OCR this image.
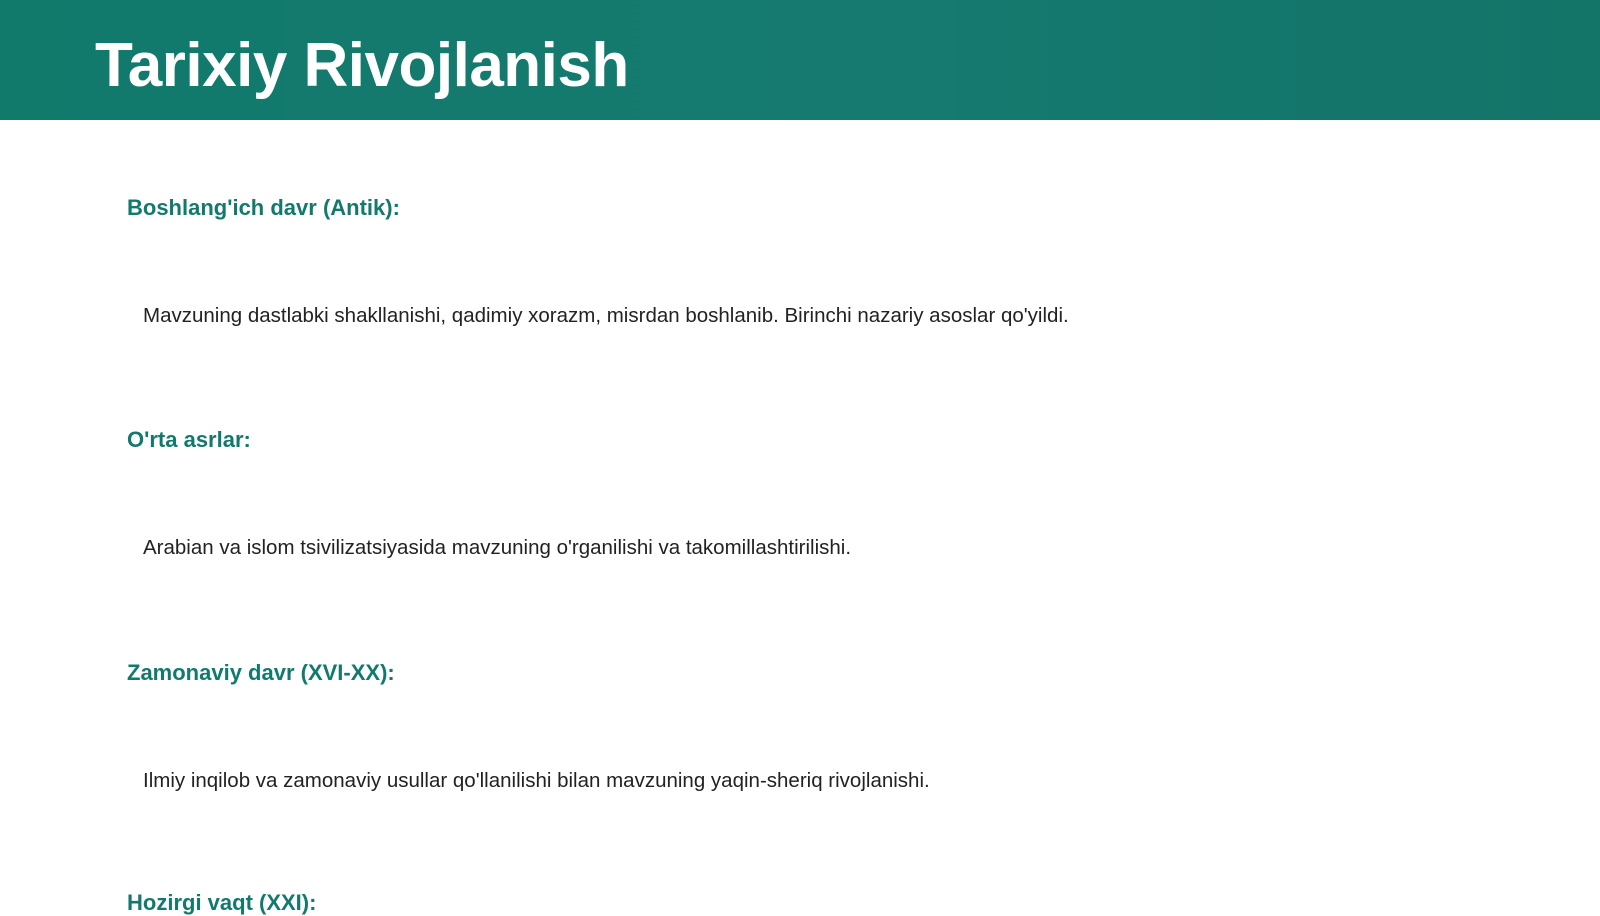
Tarixiy Rivojlanish
Boshlang'ich davr (Antik):

Mavzuning dastlabki shakllanishi, qadimiy xorazm, misrdan boshlanib. Birinchi nazariy asoslar qo'yildi.

O'rta asrlar:

Arabian va islom tsivilizatsiyasida mavzuning o'rganilishi va takomillashtirilishi.

Zamonaviy davr (XVI-XX):

Ilmiy inqilob va zamonaviy usullar qo'llanilishi bilan mavzuning yaqin-sheriq rivojlanishi.

Hozirgi vaqt (XXI):
